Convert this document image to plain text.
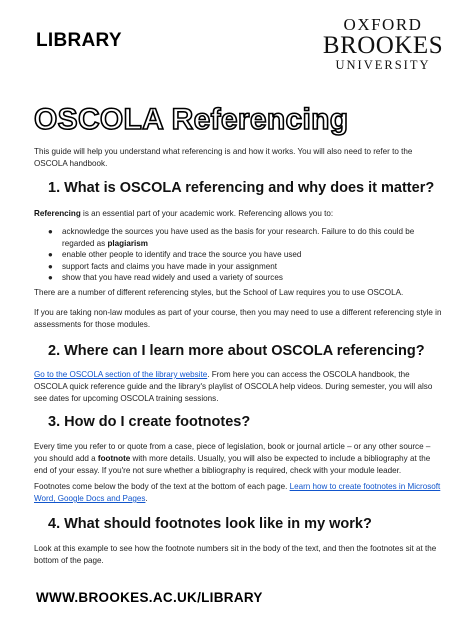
LIBRARY
OXFORD
BROOKES
UNIVERSITY
OSCOLA Referencing
This guide will help you understand what referencing is and how it works. You will also need to refer to the OSCOLA handbook.
1. What is OSCOLA referencing and why does it matter?
Referencing is an essential part of your academic work. Referencing allows you to:
● acknowledge the sources you have used as the basis for your research. Failure to do this could be regarded as plagiarism
● enable other people to identify and trace the source you have used
● support facts and claims you have made in your assignment
● show that you have read widely and used a variety of sources
There are a number of different referencing styles, but the School of Law requires you to use OSCOLA.
If you are taking non-law modules as part of your course, then you may need to use a different referencing style in assessments for those modules.
2. Where can I learn more about OSCOLA referencing?
Go to the OSCOLA section of the library website. From here you can access the OSCOLA handbook, the OSCOLA quick reference guide and the library's playlist of OSCOLA help videos. During semester, you will also see dates for upcoming OSCOLA training sessions.
3. How do I create footnotes?
Every time you refer to or quote from a case, piece of legislation, book or journal article – or any other source – you should add a footnote with more details. Usually, you will also be expected to include a bibliography at the end of your essay. If you're not sure whether a bibliography is required, check with your module leader.
Footnotes come below the body of the text at the bottom of each page. Learn how to create footnotes in Microsoft Word, Google Docs and Pages.
4. What should footnotes look like in my work?
Look at this example to see how the footnote numbers sit in the body of the text, and then the footnotes sit at the bottom of the page.
WWW.BROOKES.AC.UK/LIBRARY
